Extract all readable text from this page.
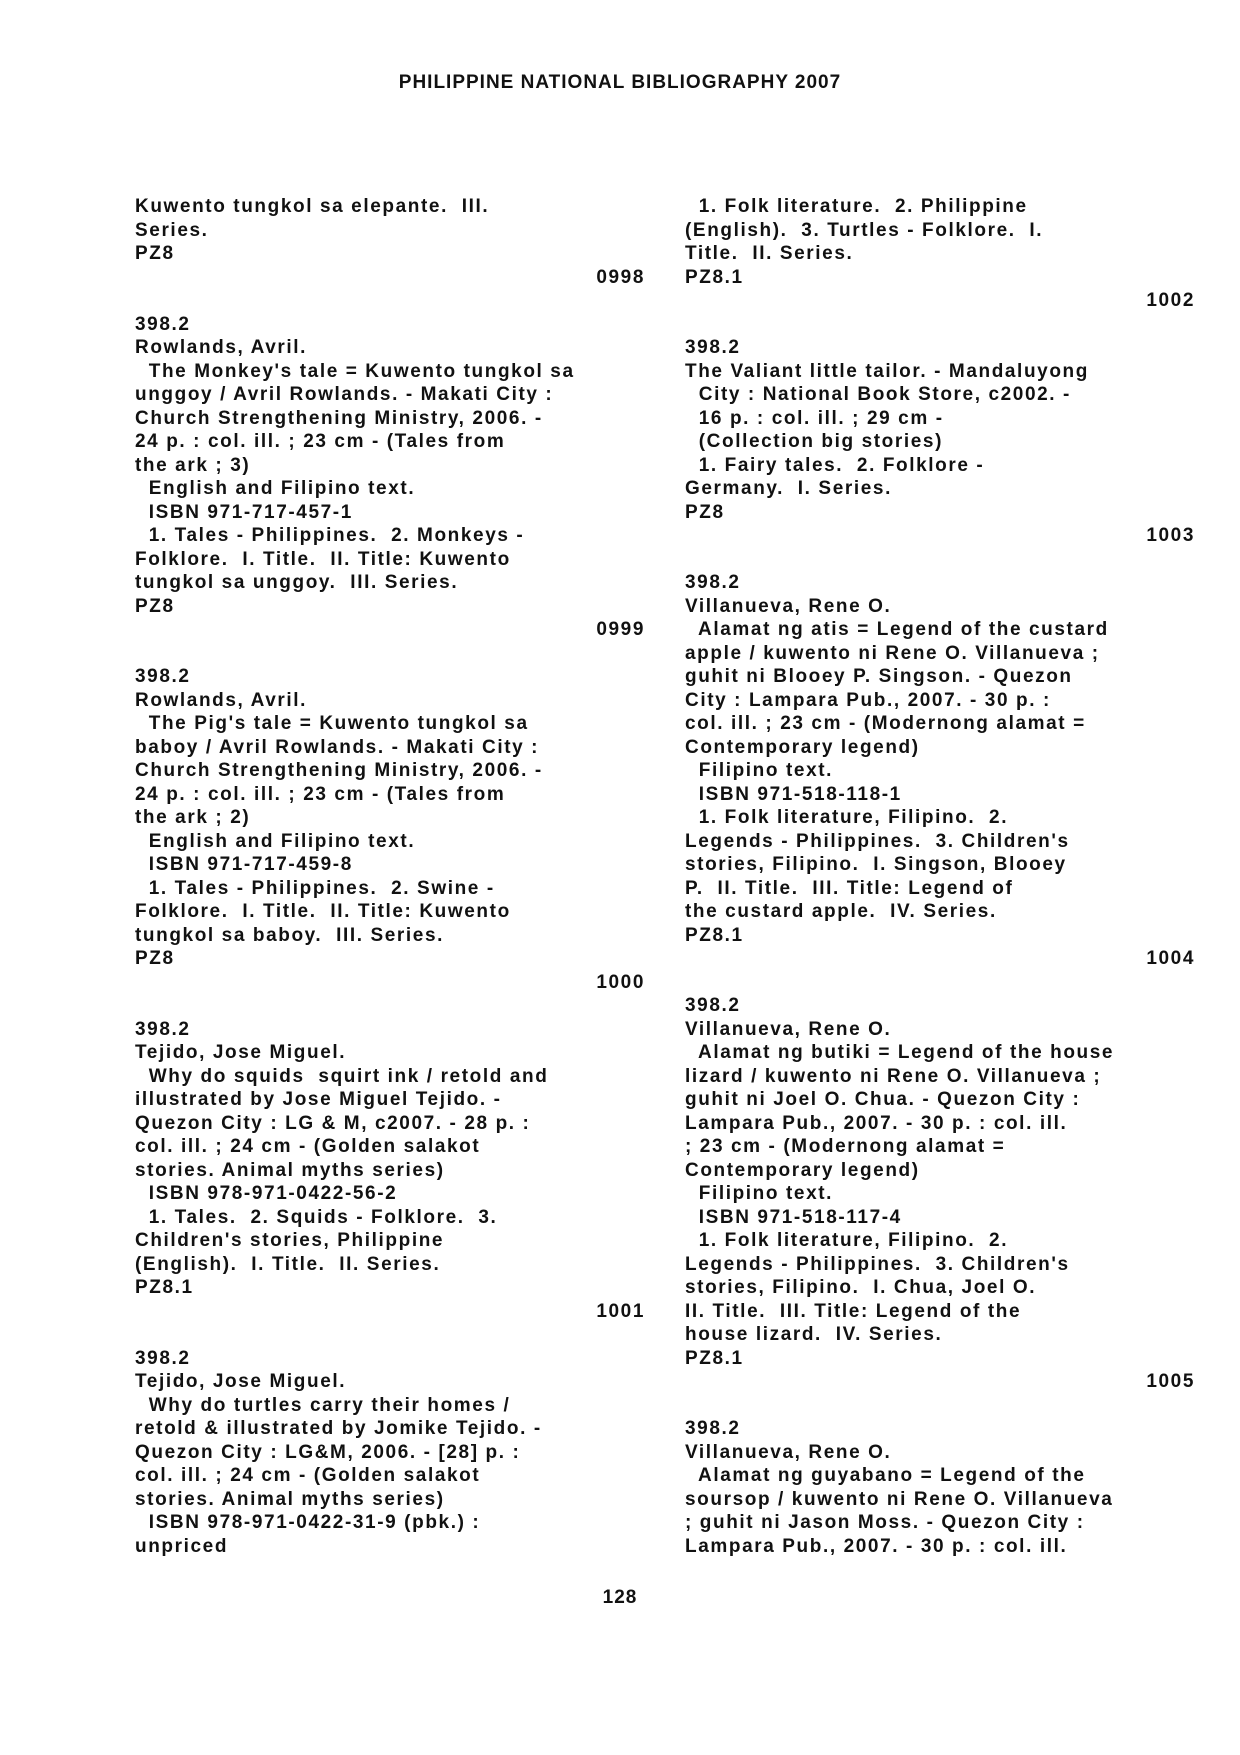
PHILIPPINE NATIONAL BIBLIOGRAPHY 2007
Kuwento tungkol sa elepante.  III.
Series.
PZ8
0998
398.2
Rowlands, Avril.
The Monkey's tale = Kuwento tungkol sa
unggoy / Avril Rowlands. - Makati City :
Church Strengthening Ministry, 2006. -
24 p. : col. ill. ; 23 cm - (Tales from
the ark ; 3)
English and Filipino text.
ISBN 971-717-457-1
1. Tales - Philippines.  2. Monkeys -
Folklore.  I. Title.  II. Title: Kuwento
tungkol sa unggoy.  III. Series.
PZ8
0999
398.2
Rowlands, Avril.
The Pig's tale = Kuwento tungkol sa
baboy / Avril Rowlands. - Makati City :
Church Strengthening Ministry, 2006. -
24 p. : col. ill. ; 23 cm - (Tales from
the ark ; 2)
English and Filipino text.
ISBN 971-717-459-8
1. Tales - Philippines.  2. Swine -
Folklore.  I. Title.  II. Title: Kuwento
tungkol sa baboy.  III. Series.
PZ8
1000
398.2
Tejido, Jose Miguel.
Why do squids  squirt ink / retold and
illustrated by Jose Miguel Tejido. -
Quezon City : LG & M, c2007. - 28 p. :
col. ill. ; 24 cm - (Golden salakot
stories. Animal myths series)
ISBN 978-971-0422-56-2
1. Tales.  2. Squids - Folklore.  3.
Children's stories, Philippine
(English).  I. Title.  II. Series.
PZ8.1
1001
398.2
Tejido, Jose Miguel.
Why do turtles carry their homes /
retold & illustrated by Jomike Tejido. -
Quezon City : LG&M, 2006. - [28] p. :
col. ill. ; 24 cm - (Golden salakot
stories. Animal myths series)
ISBN 978-971-0422-31-9 (pbk.) :
unpriced
1. Folk literature.  2. Philippine
(English).  3. Turtles - Folklore.  I.
Title.  II. Series.
PZ8.1
1002
398.2
The Valiant little tailor. - Mandaluyong
City : National Book Store, c2002. -
16 p. : col. ill. ; 29 cm -
(Collection big stories)
1. Fairy tales.  2. Folklore -
Germany.  I. Series.
PZ8
1003
398.2
Villanueva, Rene O.
Alamat ng atis = Legend of the custard
apple / kuwento ni Rene O. Villanueva ;
guhit ni Blooey P. Singson. - Quezon
City : Lampara Pub., 2007. - 30 p. :
col. ill. ; 23 cm - (Modernong alamat =
Contemporary legend)
Filipino text.
ISBN 971-518-118-1
1. Folk literature, Filipino.  2.
Legends - Philippines.  3. Children's
stories, Filipino.  I. Singson, Blooey
P.  II. Title.  III. Title: Legend of
the custard apple.  IV. Series.
PZ8.1
1004
398.2
Villanueva, Rene O.
Alamat ng butiki = Legend of the house
lizard / kuwento ni Rene O. Villanueva ;
guhit ni Joel O. Chua. - Quezon City :
Lampara Pub., 2007. - 30 p. : col. ill.
; 23 cm - (Modernong alamat =
Contemporary legend)
Filipino text.
ISBN 971-518-117-4
1. Folk literature, Filipino.  2.
Legends - Philippines.  3. Children's
stories, Filipino.  I. Chua, Joel O.
II. Title.  III. Title: Legend of the
house lizard.  IV. Series.
PZ8.1
1005
398.2
Villanueva, Rene O.
Alamat ng guyabano = Legend of the
soursop / kuwento ni Rene O. Villanueva
; guhit ni Jason Moss. - Quezon City :
Lampara Pub., 2007. - 30 p. : col. ill.
128
